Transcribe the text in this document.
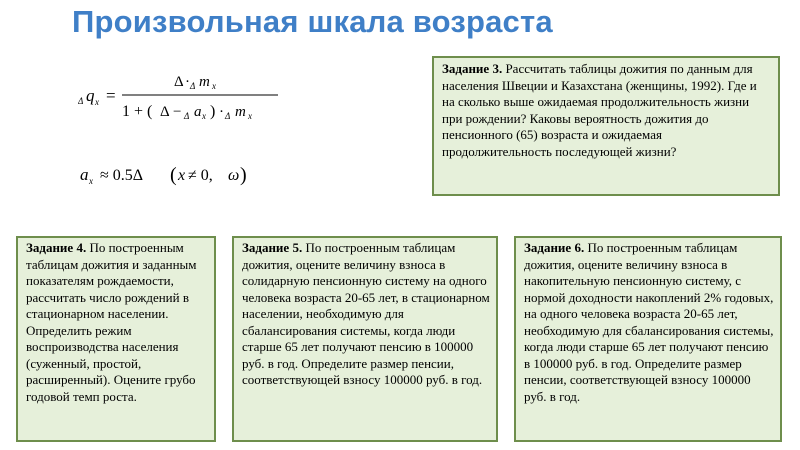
Произвольная шкала возраста
Δ q x =
Δ · Δ m x
1 + ( Δ − Δ a x ) · Δ m x
a x ≈ 0.5Δ ( x ≠ 0, ω )
Задание 3. Рассчитать таблицы дожития по данным для населения Швеции и Казахстана (женщины, 1992). Где и на сколько выше ожидаемая продолжительность жизни при рождении? Каковы вероятность дожития до пенсионного (65) возраста и ожидаемая продолжительность последующей жизни?
Задание 4. По построенным таблицам дожития и заданным показателям рождаемости, рассчитать число рождений в стационарном населении. Определить режим воспроизводства населения (суженный, простой, расширенный). Оцените грубо годовой темп роста.
Задание 5. По построенным таблицам дожития, оцените величину взноса в солидарную пенсионную систему на одного человека возраста 20-65 лет, в стационарном населении, необходимую для сбалансирования системы, когда люди старше 65 лет получают пенсию в 100000 руб. в год. Определите размер пенсии, соответствующей взносу 100000 руб. в год.
Задание 6. По построенным таблицам дожития, оцените величину взноса в накопительную пенсионную систему, с нормой доходности накоплений 2% годовых, на одного человека возраста 20-65 лет, необходимую для сбалансирования системы, когда люди старше 65 лет получают пенсию в 100000 руб. в год. Определите размер пенсии, соответствующей взносу 100000 руб. в год.
